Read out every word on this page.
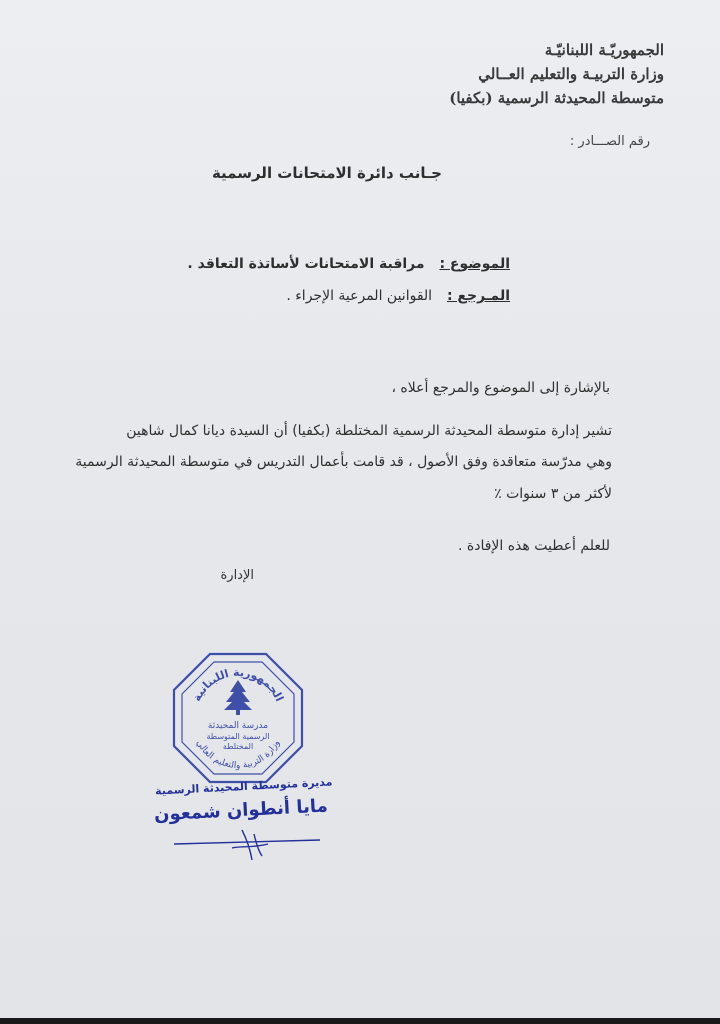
الجمهوريّـة اللبنانيّـة
وزارة التربيـة والتعليم العــالي
متوسطة المحيدثة الرسمية (بكفيا)
رقم الصـــادر :
جـانب دائرة الامتحانات الرسمية
الموضوع : مراقبة الامتحانات لأساتذة التعاقد .
المـرجع : القوانين المرعية الإجراء .
بالإشارة إلى الموضوع والمرجع أعلاه ،
تشير إدارة متوسطة المحيدثة الرسمية المختلطة (بكفيا) أن السيدة ديانا كمال شاهين
وهي مدرّسة متعاقدة وفق الأصول ، قد قامت بأعمال التدريس في متوسطة المحيدثة الرسمية
لأكثر من ٣ سنوات ٪
للعلم أعطيت هذه الإفادة .
الإدارة
الجمهورية اللبنانية
مدرسة المحيدثة
الرسمية المتوسطة
المختلطة
وزارة التربية والتعليم العالي
مديرة متوسطة المحيدثة الرسمية
مايا أنطوان شمعون
